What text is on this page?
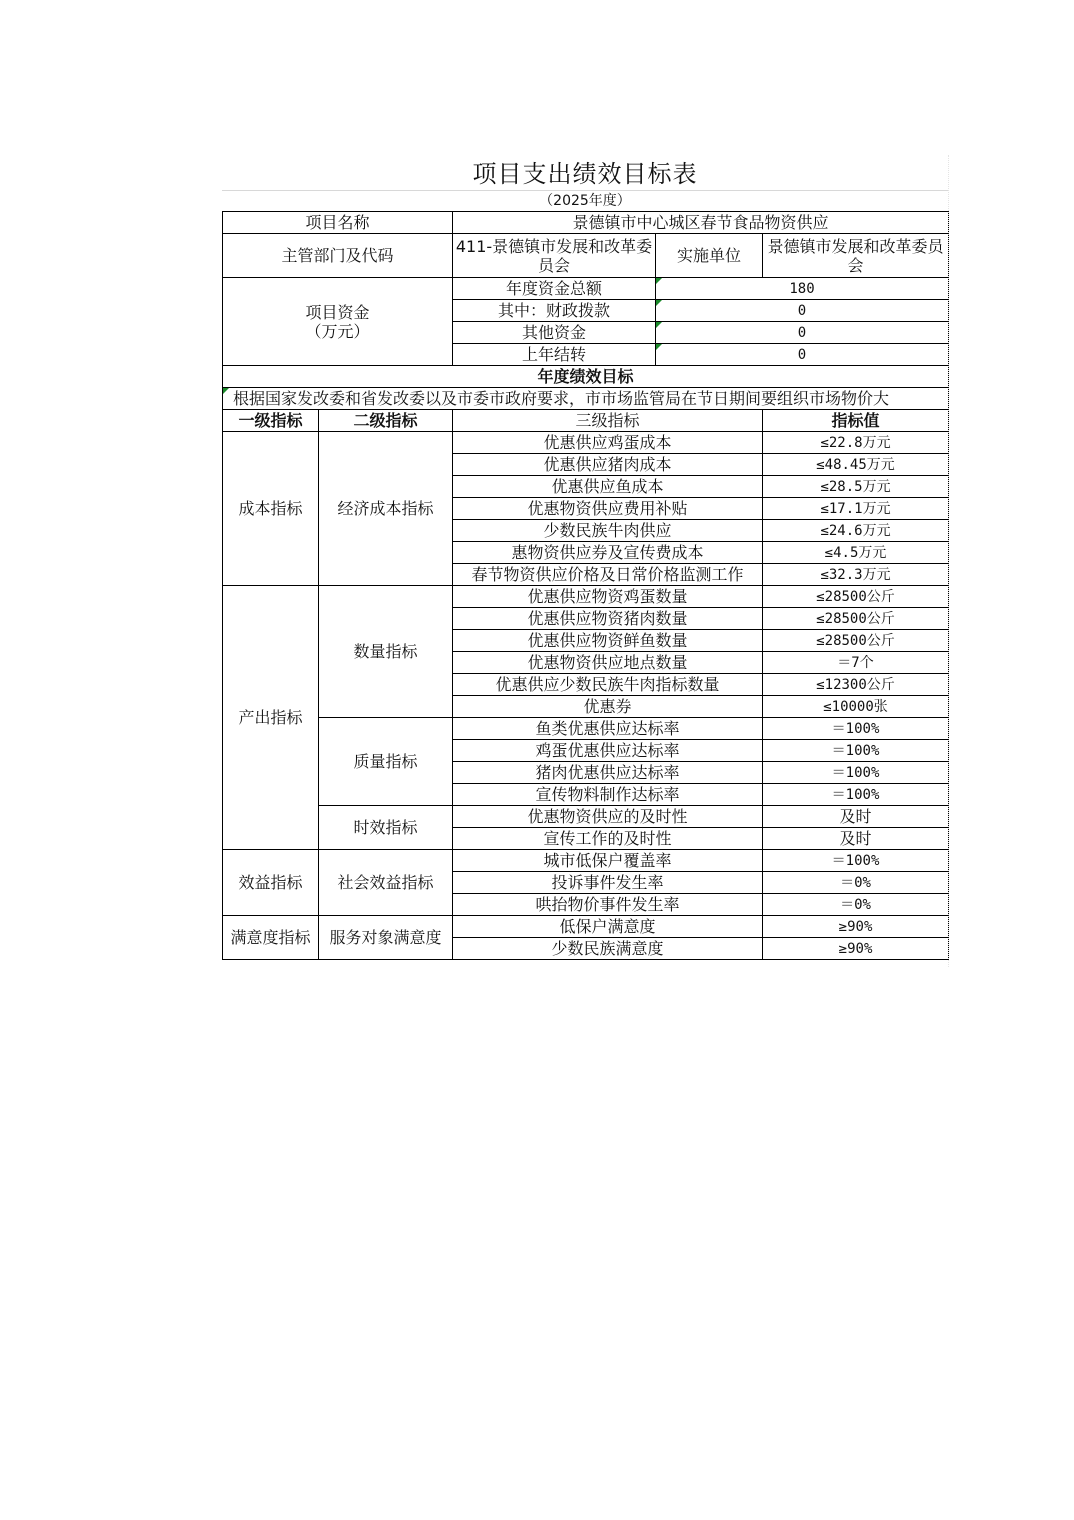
项目支出绩效目标表
（2025年度）
项目名称		景德镇市中心城区春节食品物资供应		
主管部门及代码		411-景德镇市发展和改革委员会	实施单位	景德镇市发展和改革委员会

项目资金
（万元）		年度资金总额	180	
		其中：财政拨款	0	
		其他资金	0	
		上年结转	0	
年度绩效目标				
根据国家发改委和省发改委以及市委市政府要求，市市场监管局在节日期间要组织市场物价大				
一级指标	二级指标	三级指标		指标值
成本指标	经济成本指标	优惠供应鸡蛋成本		≤22.8万元
		优惠供应猪肉成本		≤48.45万元
		优惠供应鱼成本		≤28.5万元
		优惠物资供应费用补贴		≤17.1万元
		少数民族牛肉供应		≤24.6万元
		惠物资供应券及宣传费成本		≤4.5万元
		春节物资供应价格及日常价格监测工作		≤32.3万元
产出指标	数量指标	优惠供应物资鸡蛋数量		≤28500公斤
		优惠供应物资猪肉数量		≤28500公斤
		优惠供应物资鲜鱼数量		≤28500公斤
		优惠物资供应地点数量		＝7个
		优惠供应少数民族牛肉指标数量		≤12300公斤
		优惠券		≤10000张
	质量指标	鱼类优惠供应达标率		＝100%
		鸡蛋优惠供应达标率		＝100%
		猪肉优惠供应达标率		＝100%
		宣传物料制作达标率		＝100%
	时效指标	优惠物资供应的及时性		及时
		宣传工作的及时性		及时
效益指标	社会效益指标	城市低保户覆盖率		＝100%
		投诉事件发生率		＝0%
		哄抬物价事件发生率		＝0%
满意度指标	服务对象满意度	低保户满意度		≥90%
		少数民族满意度		≥90%
